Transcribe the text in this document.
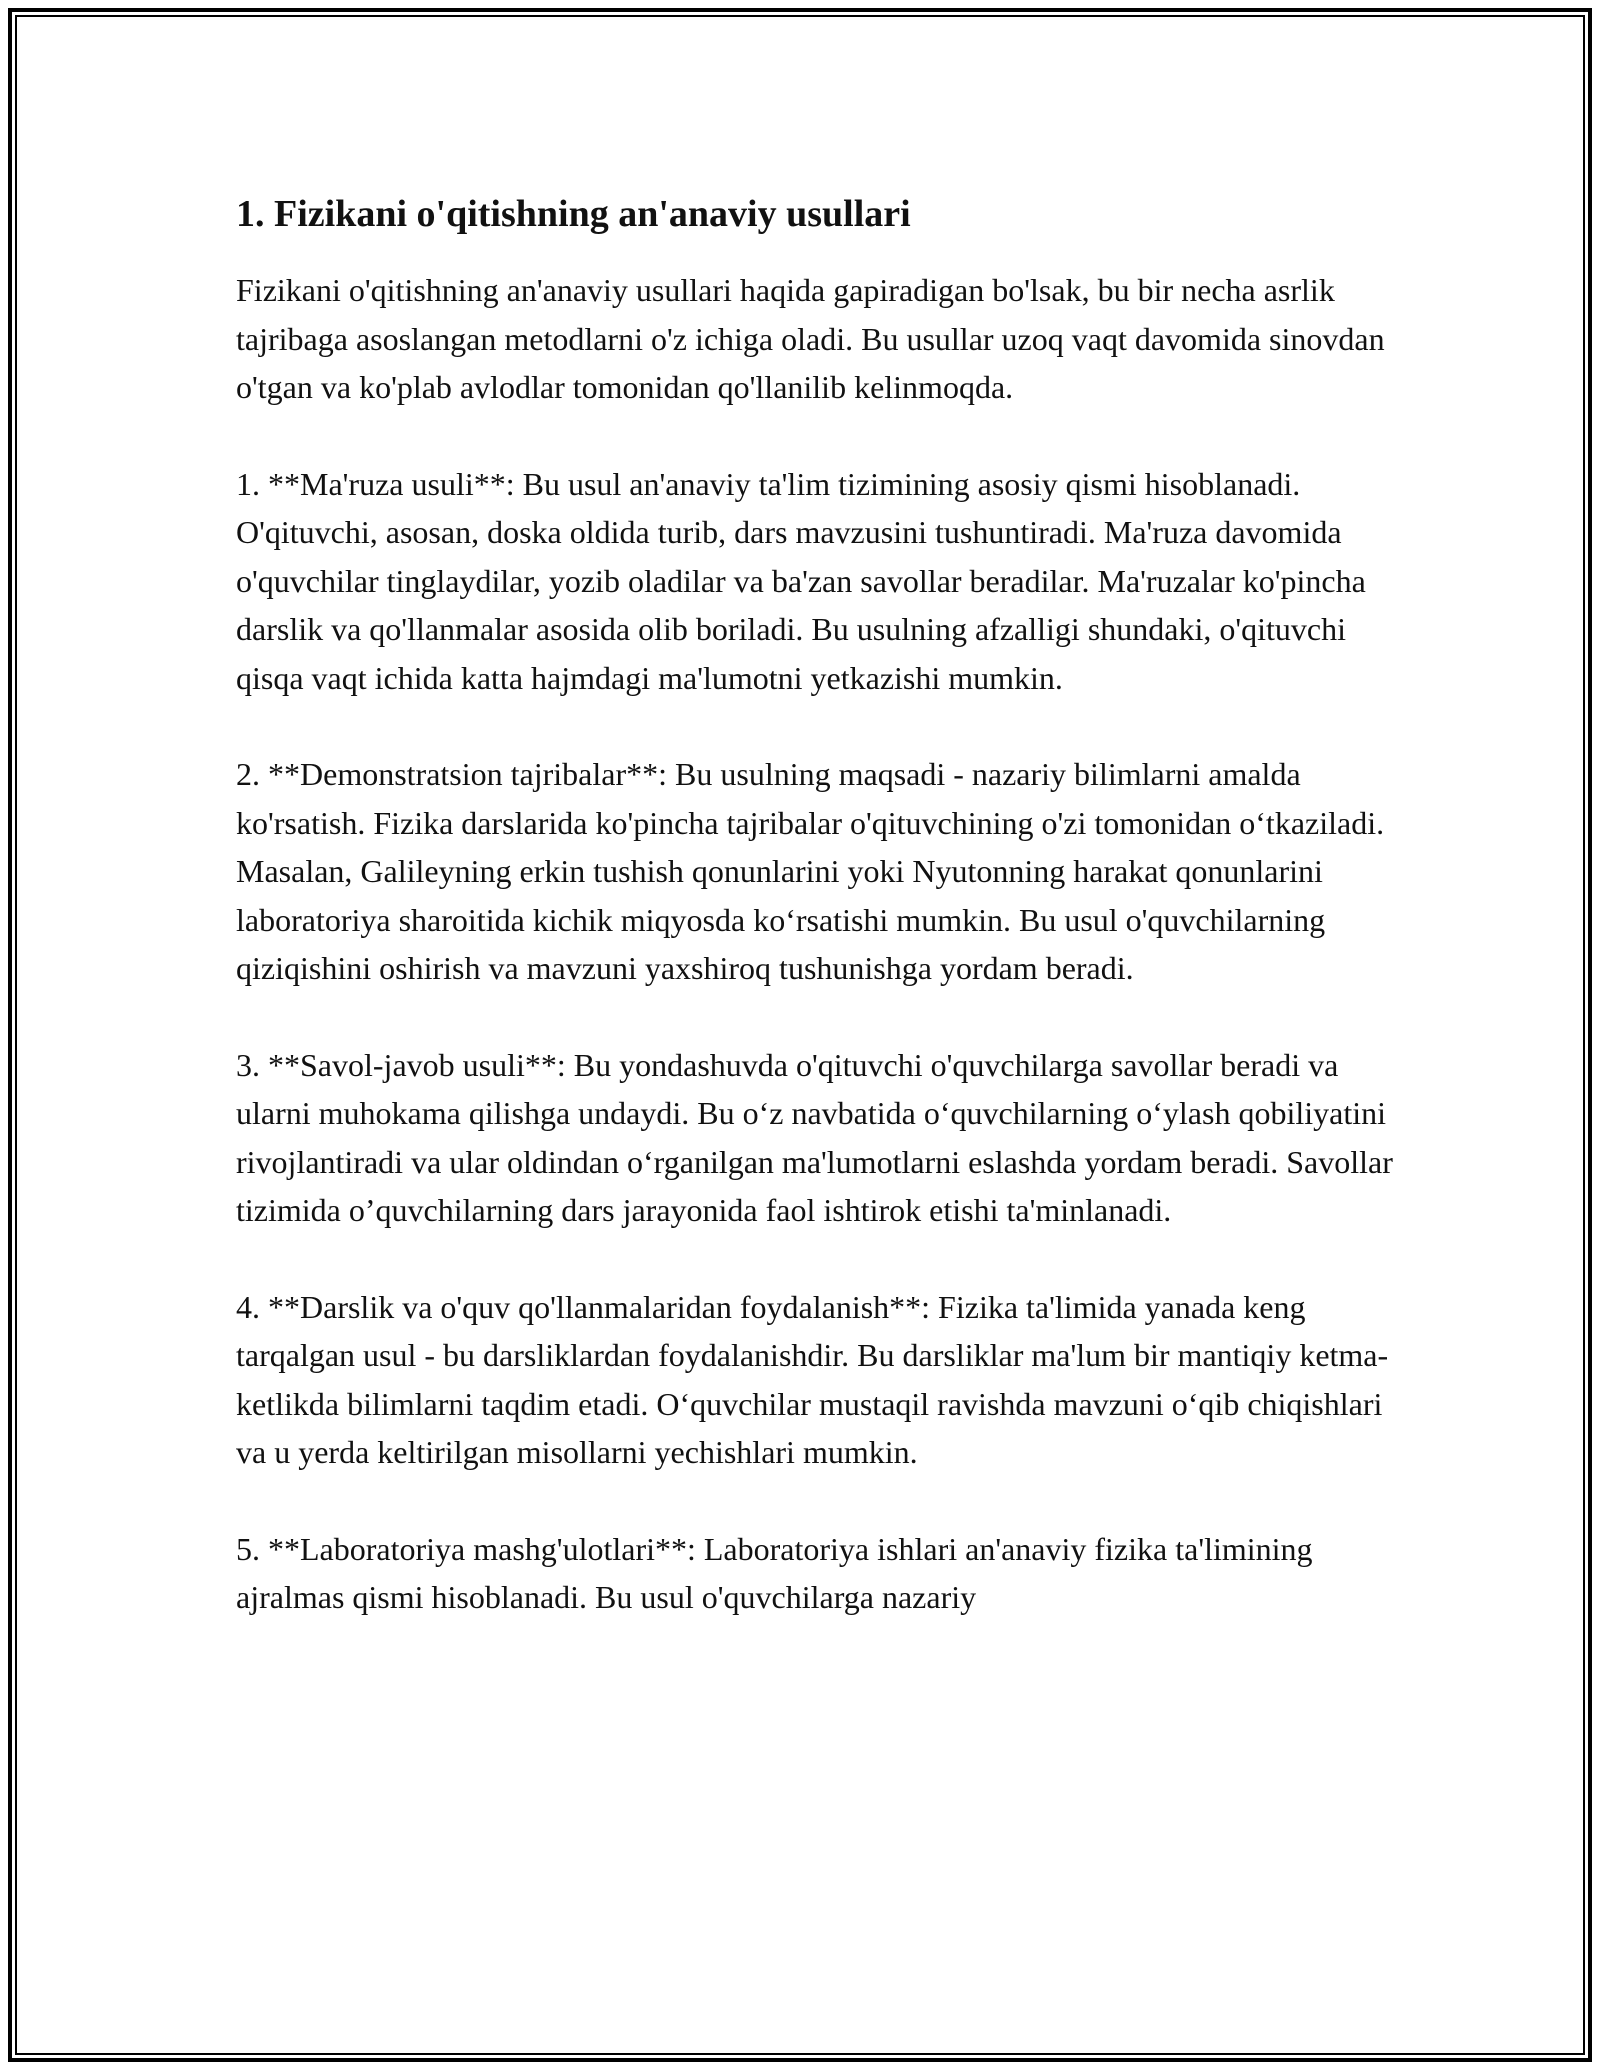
1. Fizikani o'qitishning an'anaviy usullari

Fizikani o'qitishning an'anaviy usullari haqida gapiradigan bo'lsak, bu bir necha asrlik tajribaga asoslangan metodlarni o'z ichiga oladi. Bu usullar uzoq vaqt davomida sinovdan o'tgan va ko'plab avlodlar tomonidan qo'llanilib kelinmoqda.

1. **Ma'ruza usuli**: Bu usul an'anaviy ta'lim tizimining asosiy qismi hisoblanadi. O'qituvchi, asosan, doska oldida turib, dars mavzusini tushuntiradi. Ma'ruza davomida o'quvchilar tinglaydilar, yozib oladilar va ba'zan savollar beradilar. Ma'ruzalar ko'pincha darslik va qo'llanmalar asosida olib boriladi. Bu usulning afzalligi shundaki, o'qituvchi qisqa vaqt ichida katta hajmdagi ma'lumotni yetkazishi mumkin.

2. **Demonstratsion tajribalar**: Bu usulning maqsadi - nazariy bilimlarni amalda ko'rsatish. Fizika darslarida ko'pincha tajribalar o'qituvchining o'zi tomonidan o‘tkaziladi. Masalan, Galileyning erkin tushish qonunlarini yoki Nyutonning harakat qonunlarini laboratoriya sharoitida kichik miqyosda ko‘rsatishi mumkin. Bu usul o'quvchilarning qiziqishini oshirish va mavzuni yaxshiroq tushunishga yordam beradi.

3. **Savol-javob usuli**: Bu yondashuvda o'qituvchi o'quvchilarga savollar beradi va ularni muhokama qilishga undaydi. Bu o‘z navbatida o‘quvchilarning o‘ylash qobiliyatini rivojlantiradi va ular oldindan o‘rganilgan ma'lumotlarni eslashda yordam beradi. Savollar tizimida o’quvchilarning dars jarayonida faol ishtirok etishi ta'minlanadi.

4. **Darslik va o'quv qo'llanmalaridan foydalanish**: Fizika ta'limida yanada keng tarqalgan usul - bu darsliklardan foydalanishdir. Bu darsliklar ma'lum bir mantiqiy ketma-ketlikda bilimlarni taqdim etadi. O‘quvchilar mustaqil ravishda mavzuni o‘qib chiqishlari va u yerda keltirilgan misollarni yechishlari mumkin.

5. **Laboratoriya mashg'ulotlari**: Laboratoriya ishlari an'anaviy fizika ta'limining ajralmas qismi hisoblanadi. Bu usul o'quvchilarga nazariy
